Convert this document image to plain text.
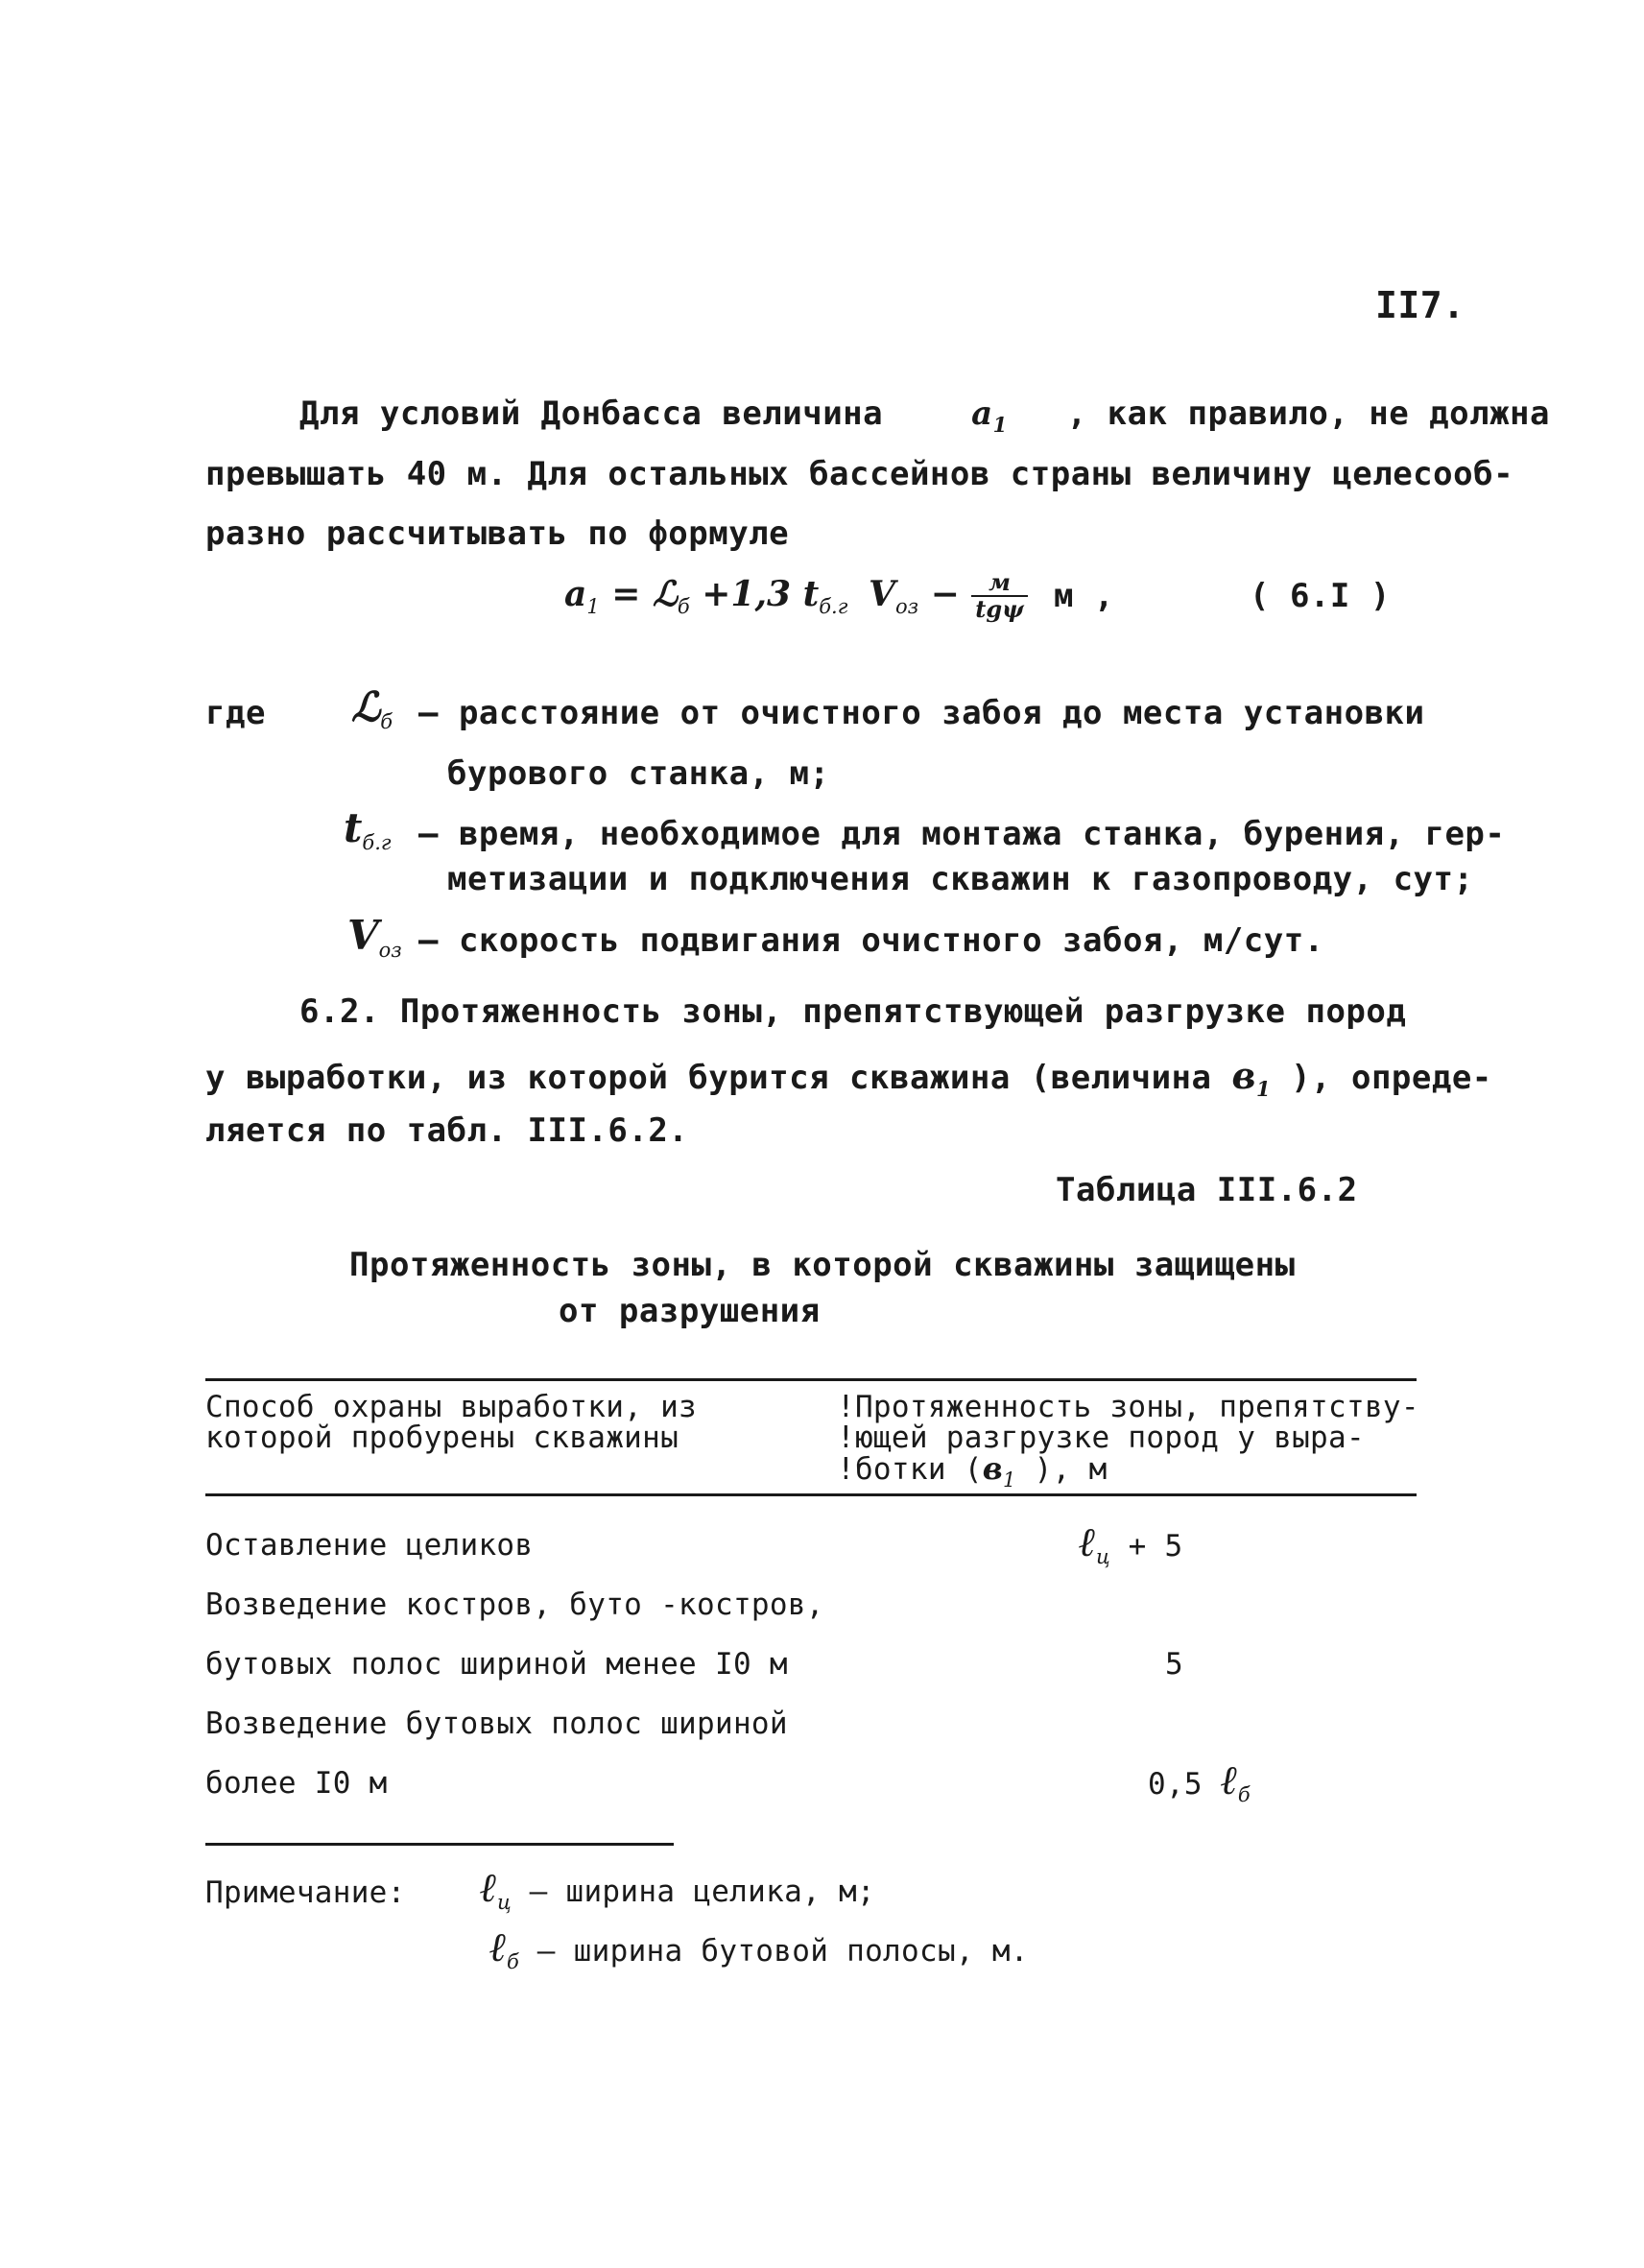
II7.
Для условий Донбасса величина	$a_1$ , как правило, не должна
превышать 40 м. Для остальных бассейнов страны величину целесооб-
разно рассчитывать по формуле
$a_1$ = ℒ$_б$ +1,3 $t_{б.г}$ $V_{оз} - м$
tgψ м ,	( 6.I )
где ℒ$_б$ – расстояние от очистного забоя до места установки
бурового станка, м;
$t_{б.г}$ – время, необходимое для монтажа станка, бурения, гер-
метизации и подключения скважин к газопроводу, сут;
$V_{оз}$ – скорость подвигания очистного забоя, м/сут.
6.2. Протяженность зоны, препятствующей разгрузке пород
у выработки, из которой бурится скважина (величина $в_1$ ), опреде-
ляется по табл. III.6.2.
Таблица III.6.2
Протяженность зоны, в которой скважины защищены
от разрушения
Способ охраны выработки, из
которой пробурены скважины
!Протяженность зоны, препятству-
!ющей разгрузке пород у выра-
!ботки ($в_1$ ), м
Оставление целиков	ℓ$_ц$ + 5
Возведение костров, буто -костров,
бутовых полос шириной менее I0 м	5
Возведение бутовых полос шириной
более I0 м	0,5 ℓб
Примечание: ℓц – ширина целика, м;
ℓб – ширина бутовой полосы, м.
